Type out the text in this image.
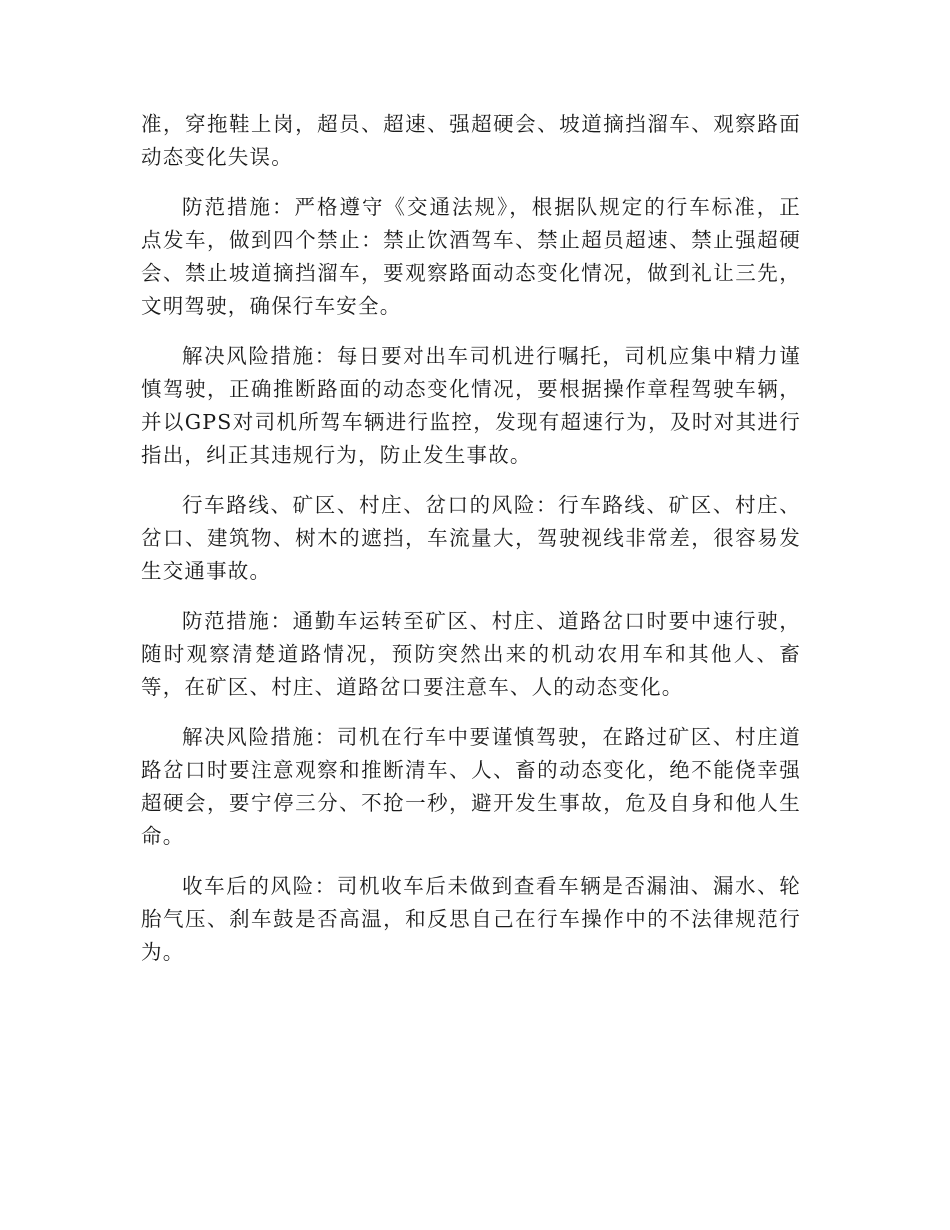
准，穿拖鞋上岗，超员、超速、强超硬会、坡道摘挡溜车、观察路面动态变化失误。

防范措施：严格遵守《交通法规》，根据队规定的行车标准，正点发车，做到四个禁止：禁止饮酒驾车、禁止超员超速、禁止强超硬会、禁止坡道摘挡溜车，要观察路面动态变化情况，做到礼让三先，文明驾驶，确保行车安全。

解决风险措施：每日要对出车司机进行嘱托，司机应集中精力谨慎驾驶，正确推断路面的动态变化情况，要根据操作章程驾驶车辆，并以GPS对司机所驾车辆进行监控，发现有超速行为，及时对其进行指出，纠正其违规行为，防止发生事故。

行车路线、矿区、村庄、岔口的风险：行车路线、矿区、村庄、岔口、建筑物、树木的遮挡，车流量大，驾驶视线非常差，很容易发生交通事故。

防范措施：通勤车运转至矿区、村庄、道路岔口时要中速行驶，随时观察清楚道路情况，预防突然出来的机动农用车和其他人、畜等，在矿区、村庄、道路岔口要注意车、人的动态变化。

解决风险措施：司机在行车中要谨慎驾驶，在路过矿区、村庄道路岔口时要注意观察和推断清车、人、畜的动态变化，绝不能侥幸强超硬会，要宁停三分、不抢一秒，避开发生事故，危及自身和他人生命。

收车后的风险：司机收车后未做到查看车辆是否漏油、漏水、轮胎气压、刹车鼓是否高温，和反思自己在行车操作中的不法律规范行为。
